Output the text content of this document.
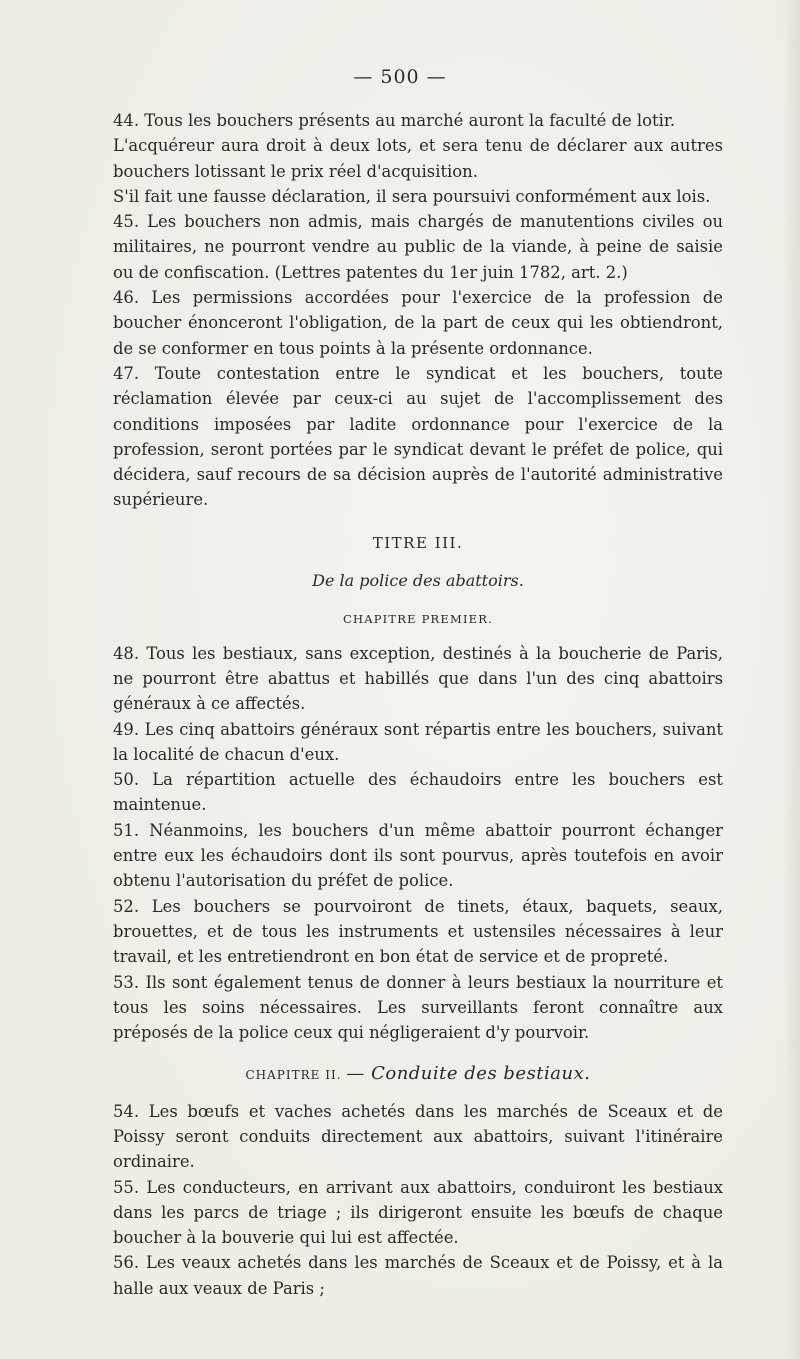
— 500 —

44. Tous les bouchers présents au marché auront la faculté de lotir.

L'acquéreur aura droit à deux lots, et sera tenu de déclarer aux autres bouchers lotissant le prix réel d'acquisition.

S'il fait une fausse déclaration, il sera poursuivi conformément aux lois.

45. Les bouchers non admis, mais chargés de manutentions civiles ou militaires, ne pourront vendre au public de la viande, à peine de saisie ou de confiscation. (Lettres patentes du 1er juin 1782, art. 2.)

46. Les permissions accordées pour l'exercice de la profession de boucher énonceront l'obligation, de la part de ceux qui les obtiendront, de se conformer en tous points à la présente ordonnance.

47. Toute contestation entre le syndicat et les bouchers, toute réclamation élevée par ceux-ci au sujet de l'accomplissement des conditions imposées par ladite ordonnance pour l'exercice de la profession, seront portées par le syndicat devant le préfet de police, qui décidera, sauf recours de sa décision auprès de l'autorité administrative supérieure.

TITRE III.
De la police des abattoirs.
CHAPITRE PREMIER.

48. Tous les bestiaux, sans exception, destinés à la boucherie de Paris, ne pourront être abattus et habillés que dans l'un des cinq abattoirs généraux à ce affectés.

49. Les cinq abattoirs généraux sont répartis entre les bouchers, suivant la localité de chacun d'eux.

50. La répartition actuelle des échaudoirs entre les bouchers est maintenue.

51. Néanmoins, les bouchers d'un même abattoir pourront échanger entre eux les échaudoirs dont ils sont pourvus, après toutefois en avoir obtenu l'autorisation du préfet de police.

52. Les bouchers se pourvoiront de tinets, étaux, baquets, seaux, brouettes, et de tous les instruments et ustensiles nécessaires à leur travail, et les entretiendront en bon état de service et de propreté.

53. Ils sont également tenus de donner à leurs bestiaux la nourriture et tous les soins nécessaires. Les surveillants feront connaître aux préposés de la police ceux qui négligeraient d'y pourvoir.

CHAPITRE II. — Conduite des bestiaux.

54. Les bœufs et vaches achetés dans les marchés de Sceaux et de Poissy seront conduits directement aux abattoirs, suivant l'itinéraire ordinaire.

55. Les conducteurs, en arrivant aux abattoirs, conduiront les bestiaux dans les parcs de triage ; ils dirigeront ensuite les bœufs de chaque boucher à la bouverie qui lui est affectée.

56. Les veaux achetés dans les marchés de Sceaux et de Poissy, et à la halle aux veaux de Paris ;
